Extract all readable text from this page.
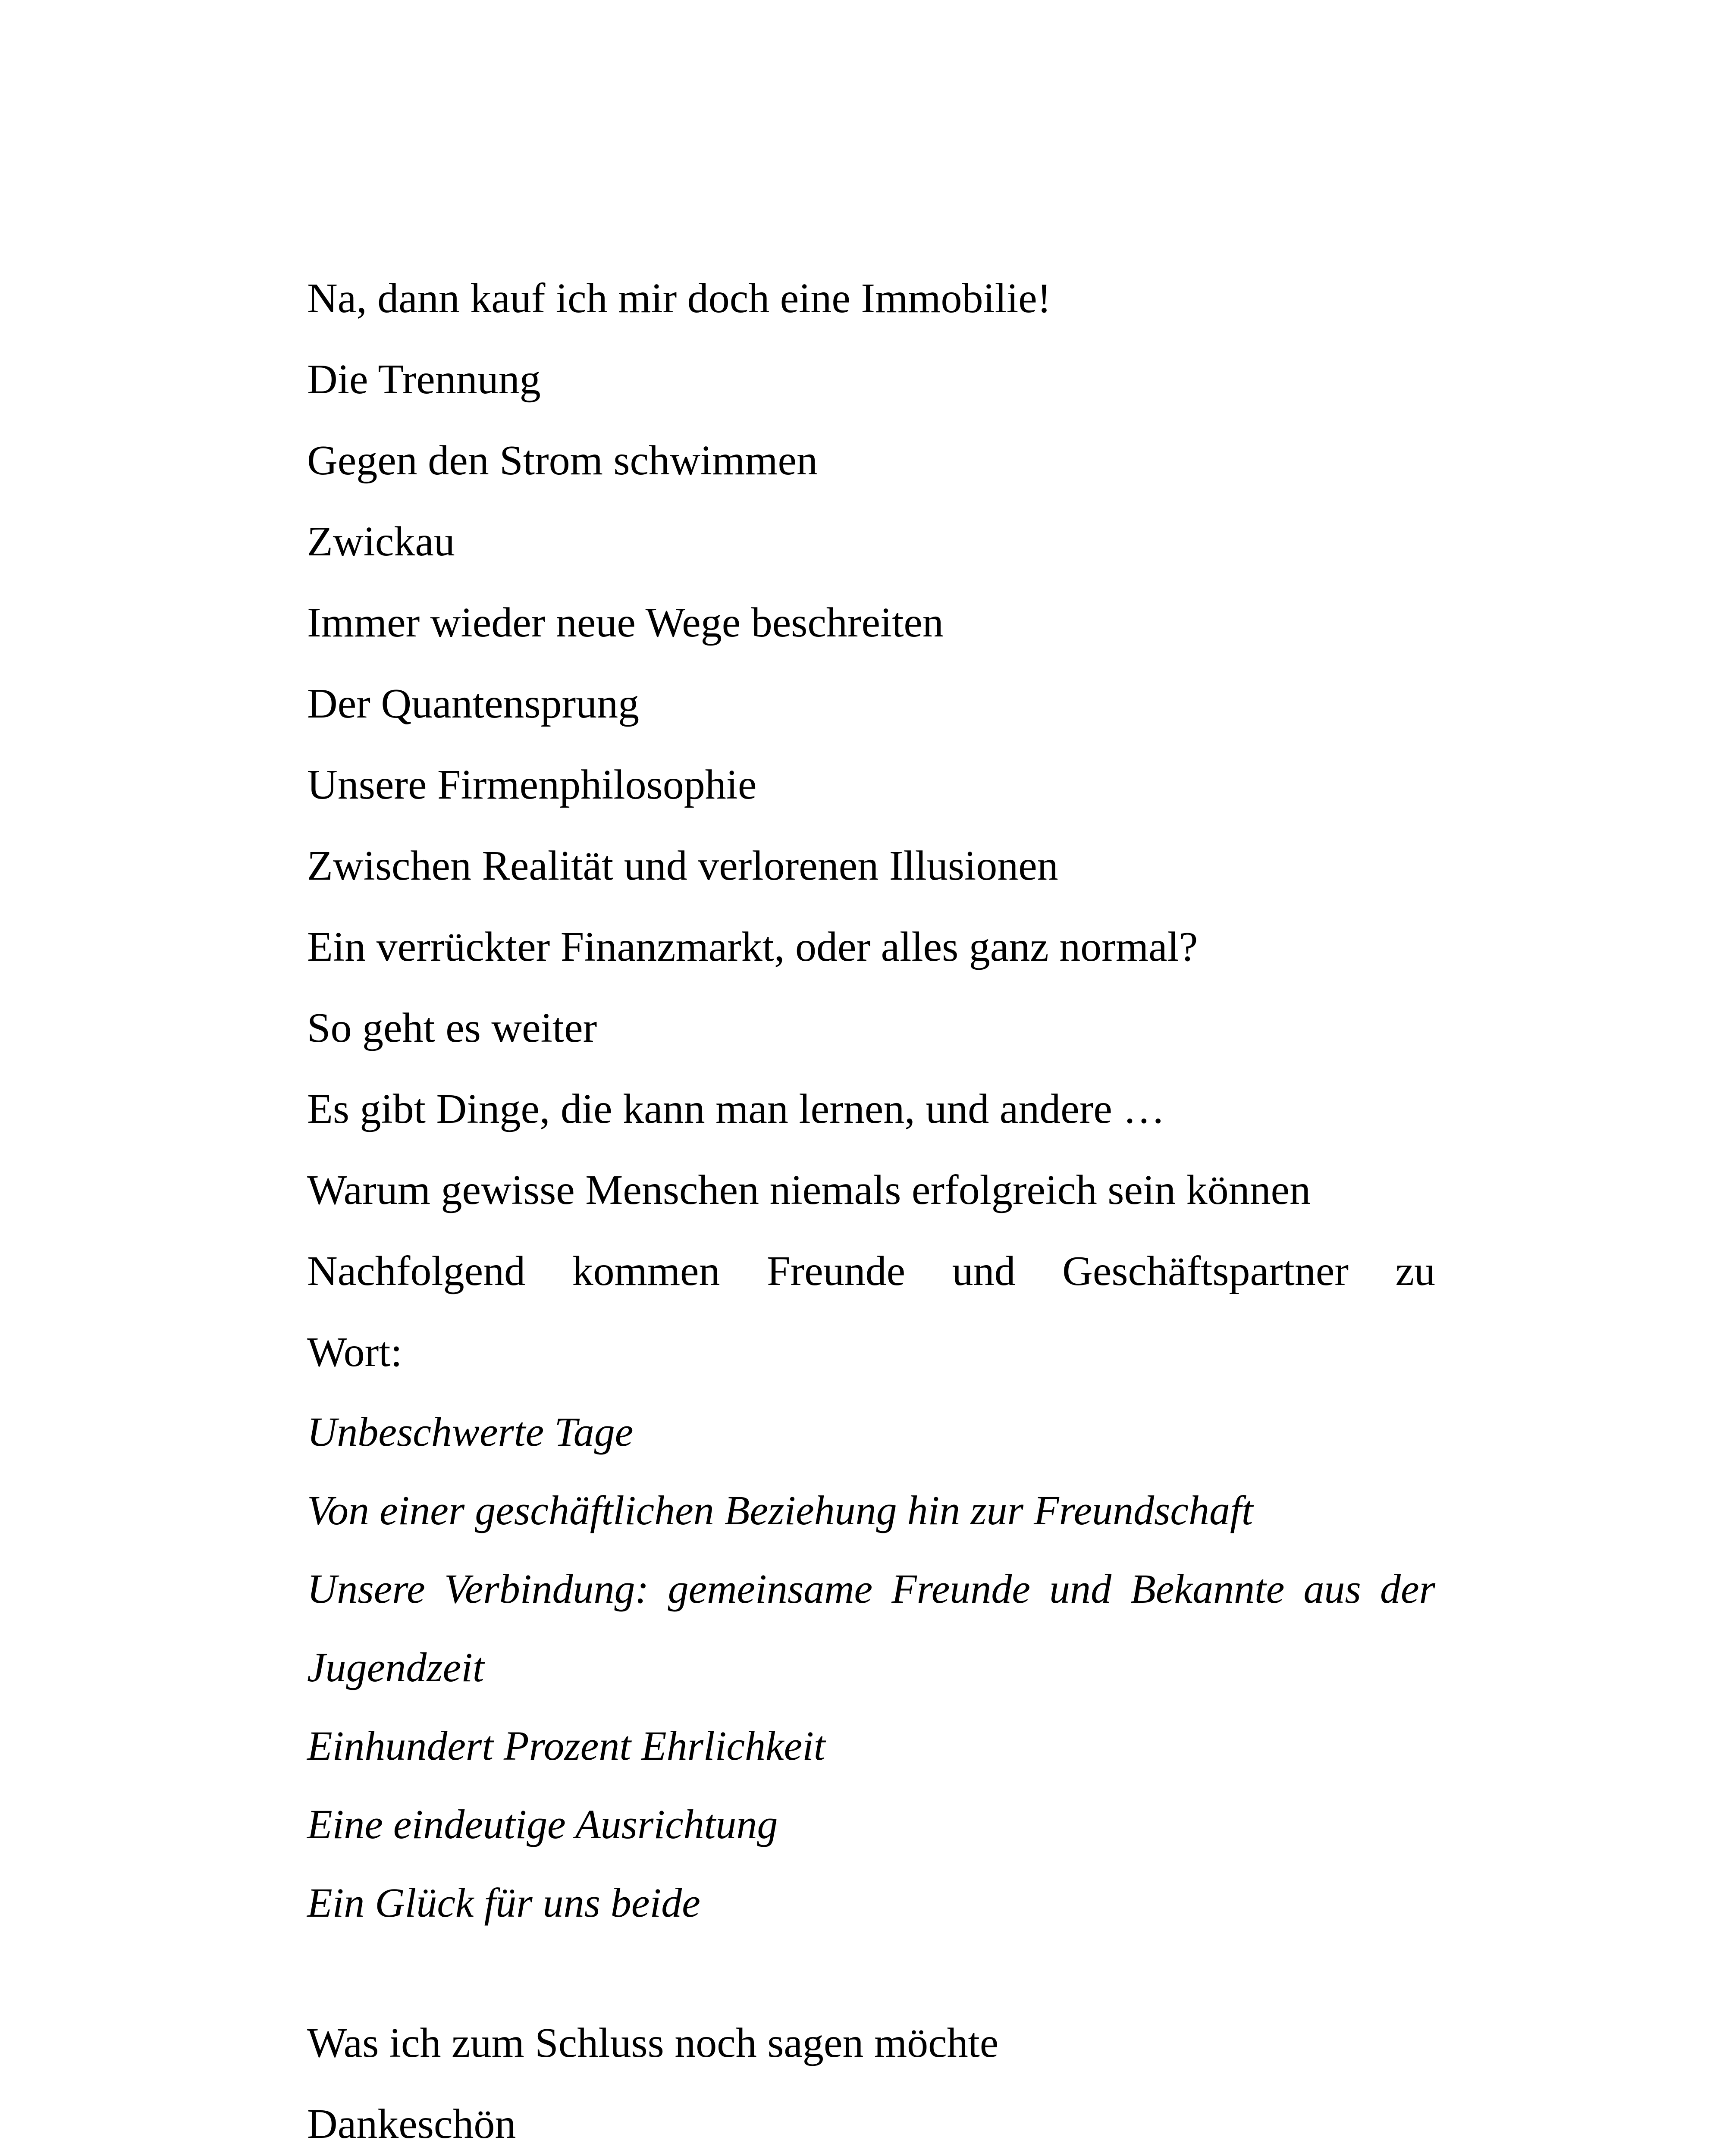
Na, dann kauf ich mir doch eine Immobilie!
Die Trennung
Gegen den Strom schwimmen
Zwickau
Immer wieder neue Wege beschreiten
Der Quantensprung
Unsere Firmenphilosophie
Zwischen Realität und verlorenen Illusionen
Ein verrückter Finanzmarkt, oder alles ganz normal?
So geht es weiter
Es gibt Dinge, die kann man lernen, und andere …
Warum gewisse Menschen niemals erfolgreich sein können
Nachfolgend kommen Freunde und Geschäftspartner zu
Wort:
Unbeschwerte Tage
Von einer geschäftlichen Beziehung hin zur Freundschaft
Unsere Verbindung: gemeinsame Freunde und Bekannte aus der
Jugendzeit
Einhundert Prozent Ehrlichkeit
Eine eindeutige Ausrichtung
Ein Glück für uns beide
Was ich zum Schluss noch sagen möchte
Dankeschön
